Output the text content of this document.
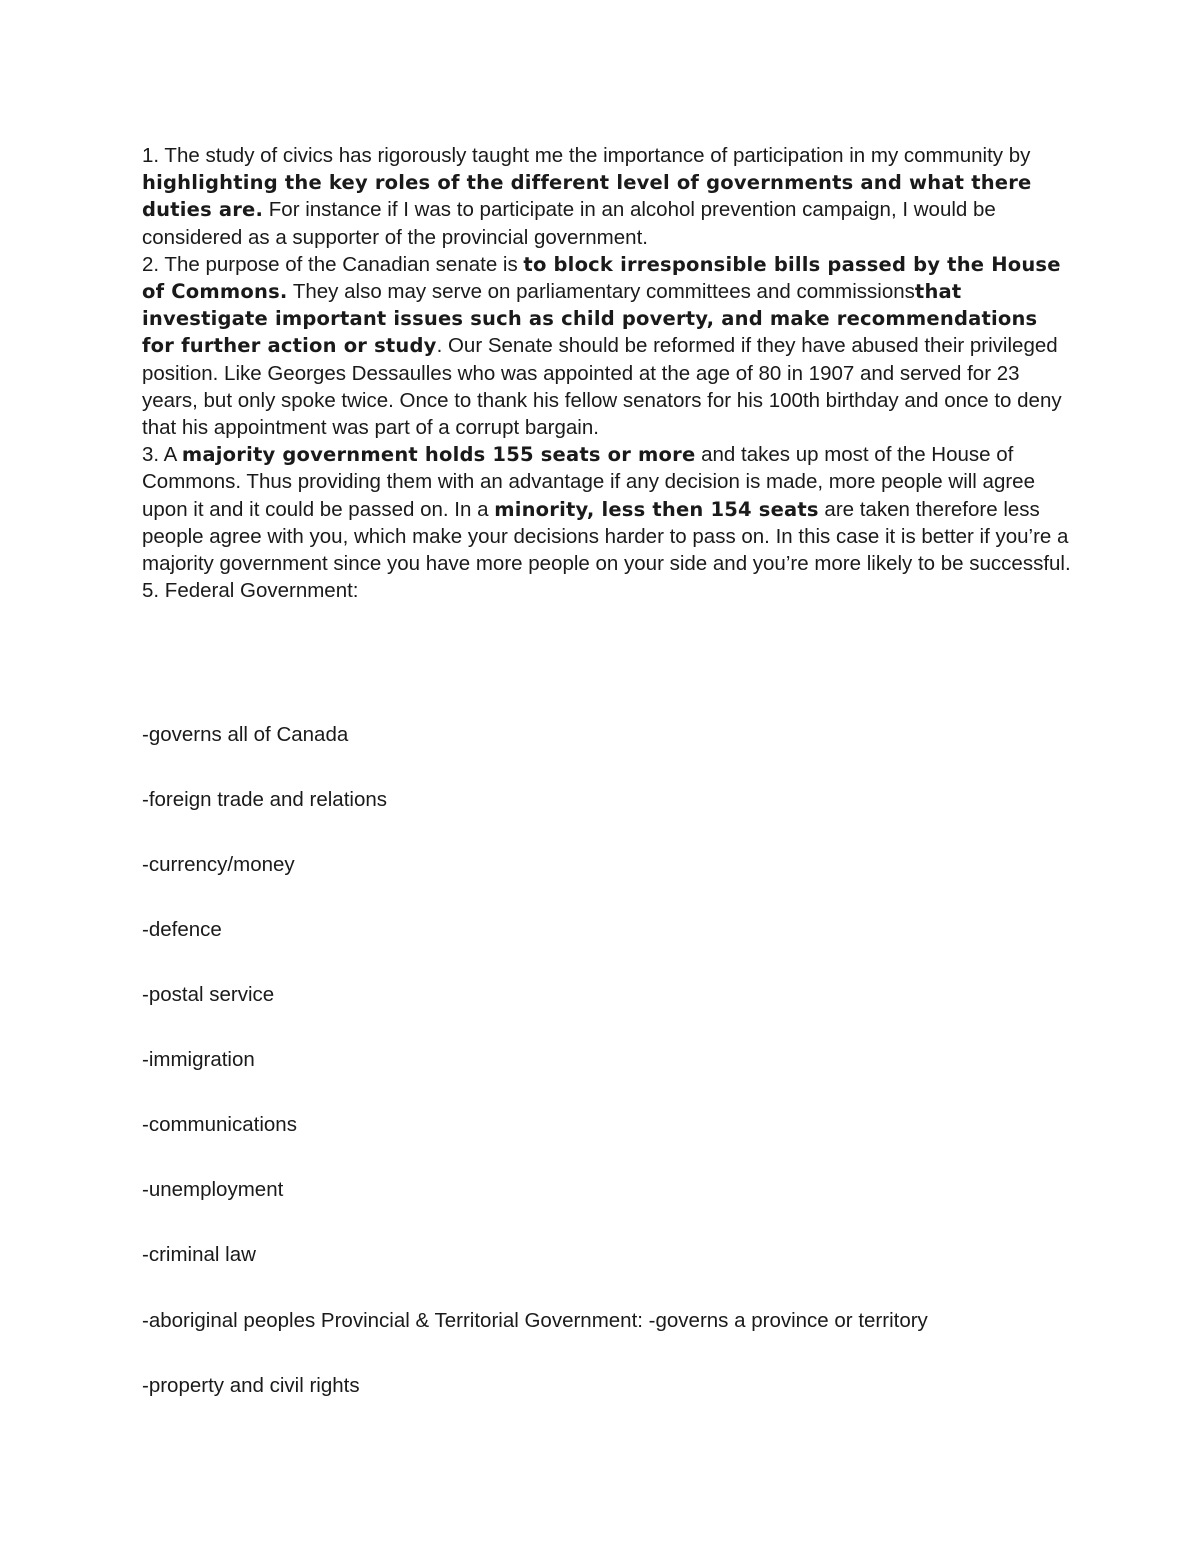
1. The study of civics has rigorously taught me the importance of participation in my community by highlighting the key roles of the different level of governments and what there duties are. For instance if I was to participate in an alcohol prevention campaign, I would be considered as a supporter of the provincial government.

2. The purpose of the Canadian senate is to block irresponsible bills passed by the House of Commons. They also may serve on parliamentary committees and commissionsthat investigate important issues such as child poverty, and make recommendations for further action or study. Our Senate should be reformed if they have abused their privileged position. Like Georges Dessaulles who was appointed at the age of 80 in 1907 and served for 23 years, but only spoke twice. Once to thank his fellow senators for his 100th birthday and once to deny that his appointment was part of a corrupt bargain.

3. A majority government holds 155 seats or more and takes up most of the House of Commons. Thus providing them with an advantage if any decision is made, more people will agree upon it and it could be passed on. In a minority, less then 154 seats are taken therefore less people agree with you, which make your decisions harder to pass on. In this case it is better if you’re a majority government since you have more people on your side and you’re more likely to be successful.

5. Federal Government:

-governs all of Canada

-foreign trade and relations

-currency/money

-defence

-postal service

-immigration

-communications

-unemployment

-criminal law

-aboriginal peoples Provincial & Territorial Government: -governs a province or territory

-property and civil rights
